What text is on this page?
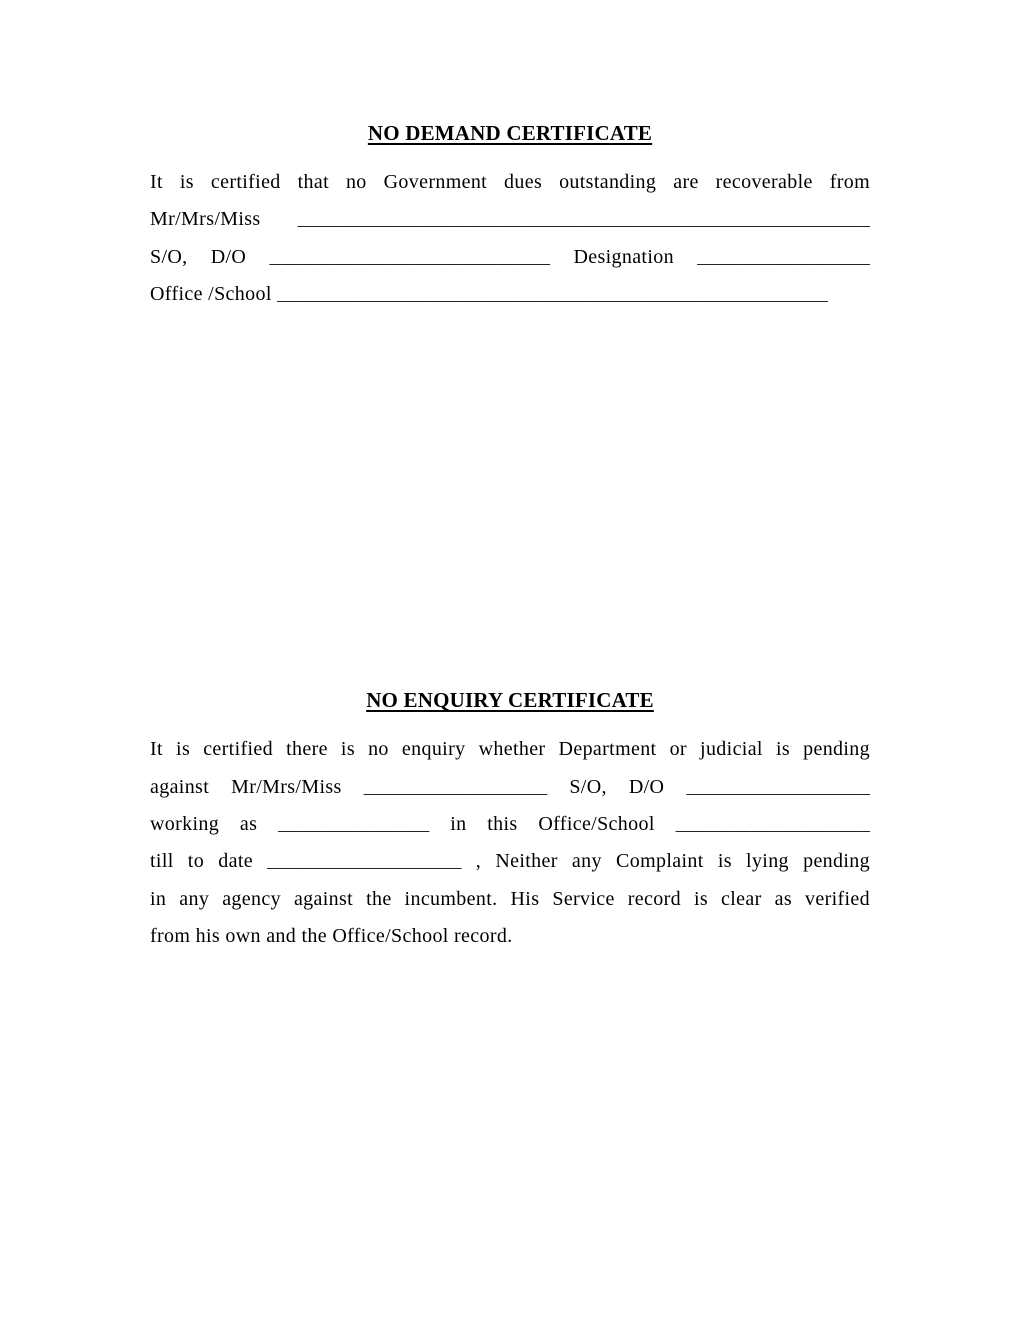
NO DEMAND CERTIFICATE
It is certified that no Government dues outstanding are recoverable from
Mr/Mrs/Miss _____________________________________________________
S/O, D/O __________________________ Designation ________________
Office /School ___________________________________________________
NO ENQUIRY CERTIFICATE
It is certified there is no enquiry whether Department or judicial is pending
against Mr/Mrs/Miss _________________ S/O, D/O _________________
working as ______________ in this Office/School __________________
till to date __________________ , Neither any Complaint is lying pending
in any agency against the incumbent. His Service record is clear as verified
from his own and the Office/School record.
